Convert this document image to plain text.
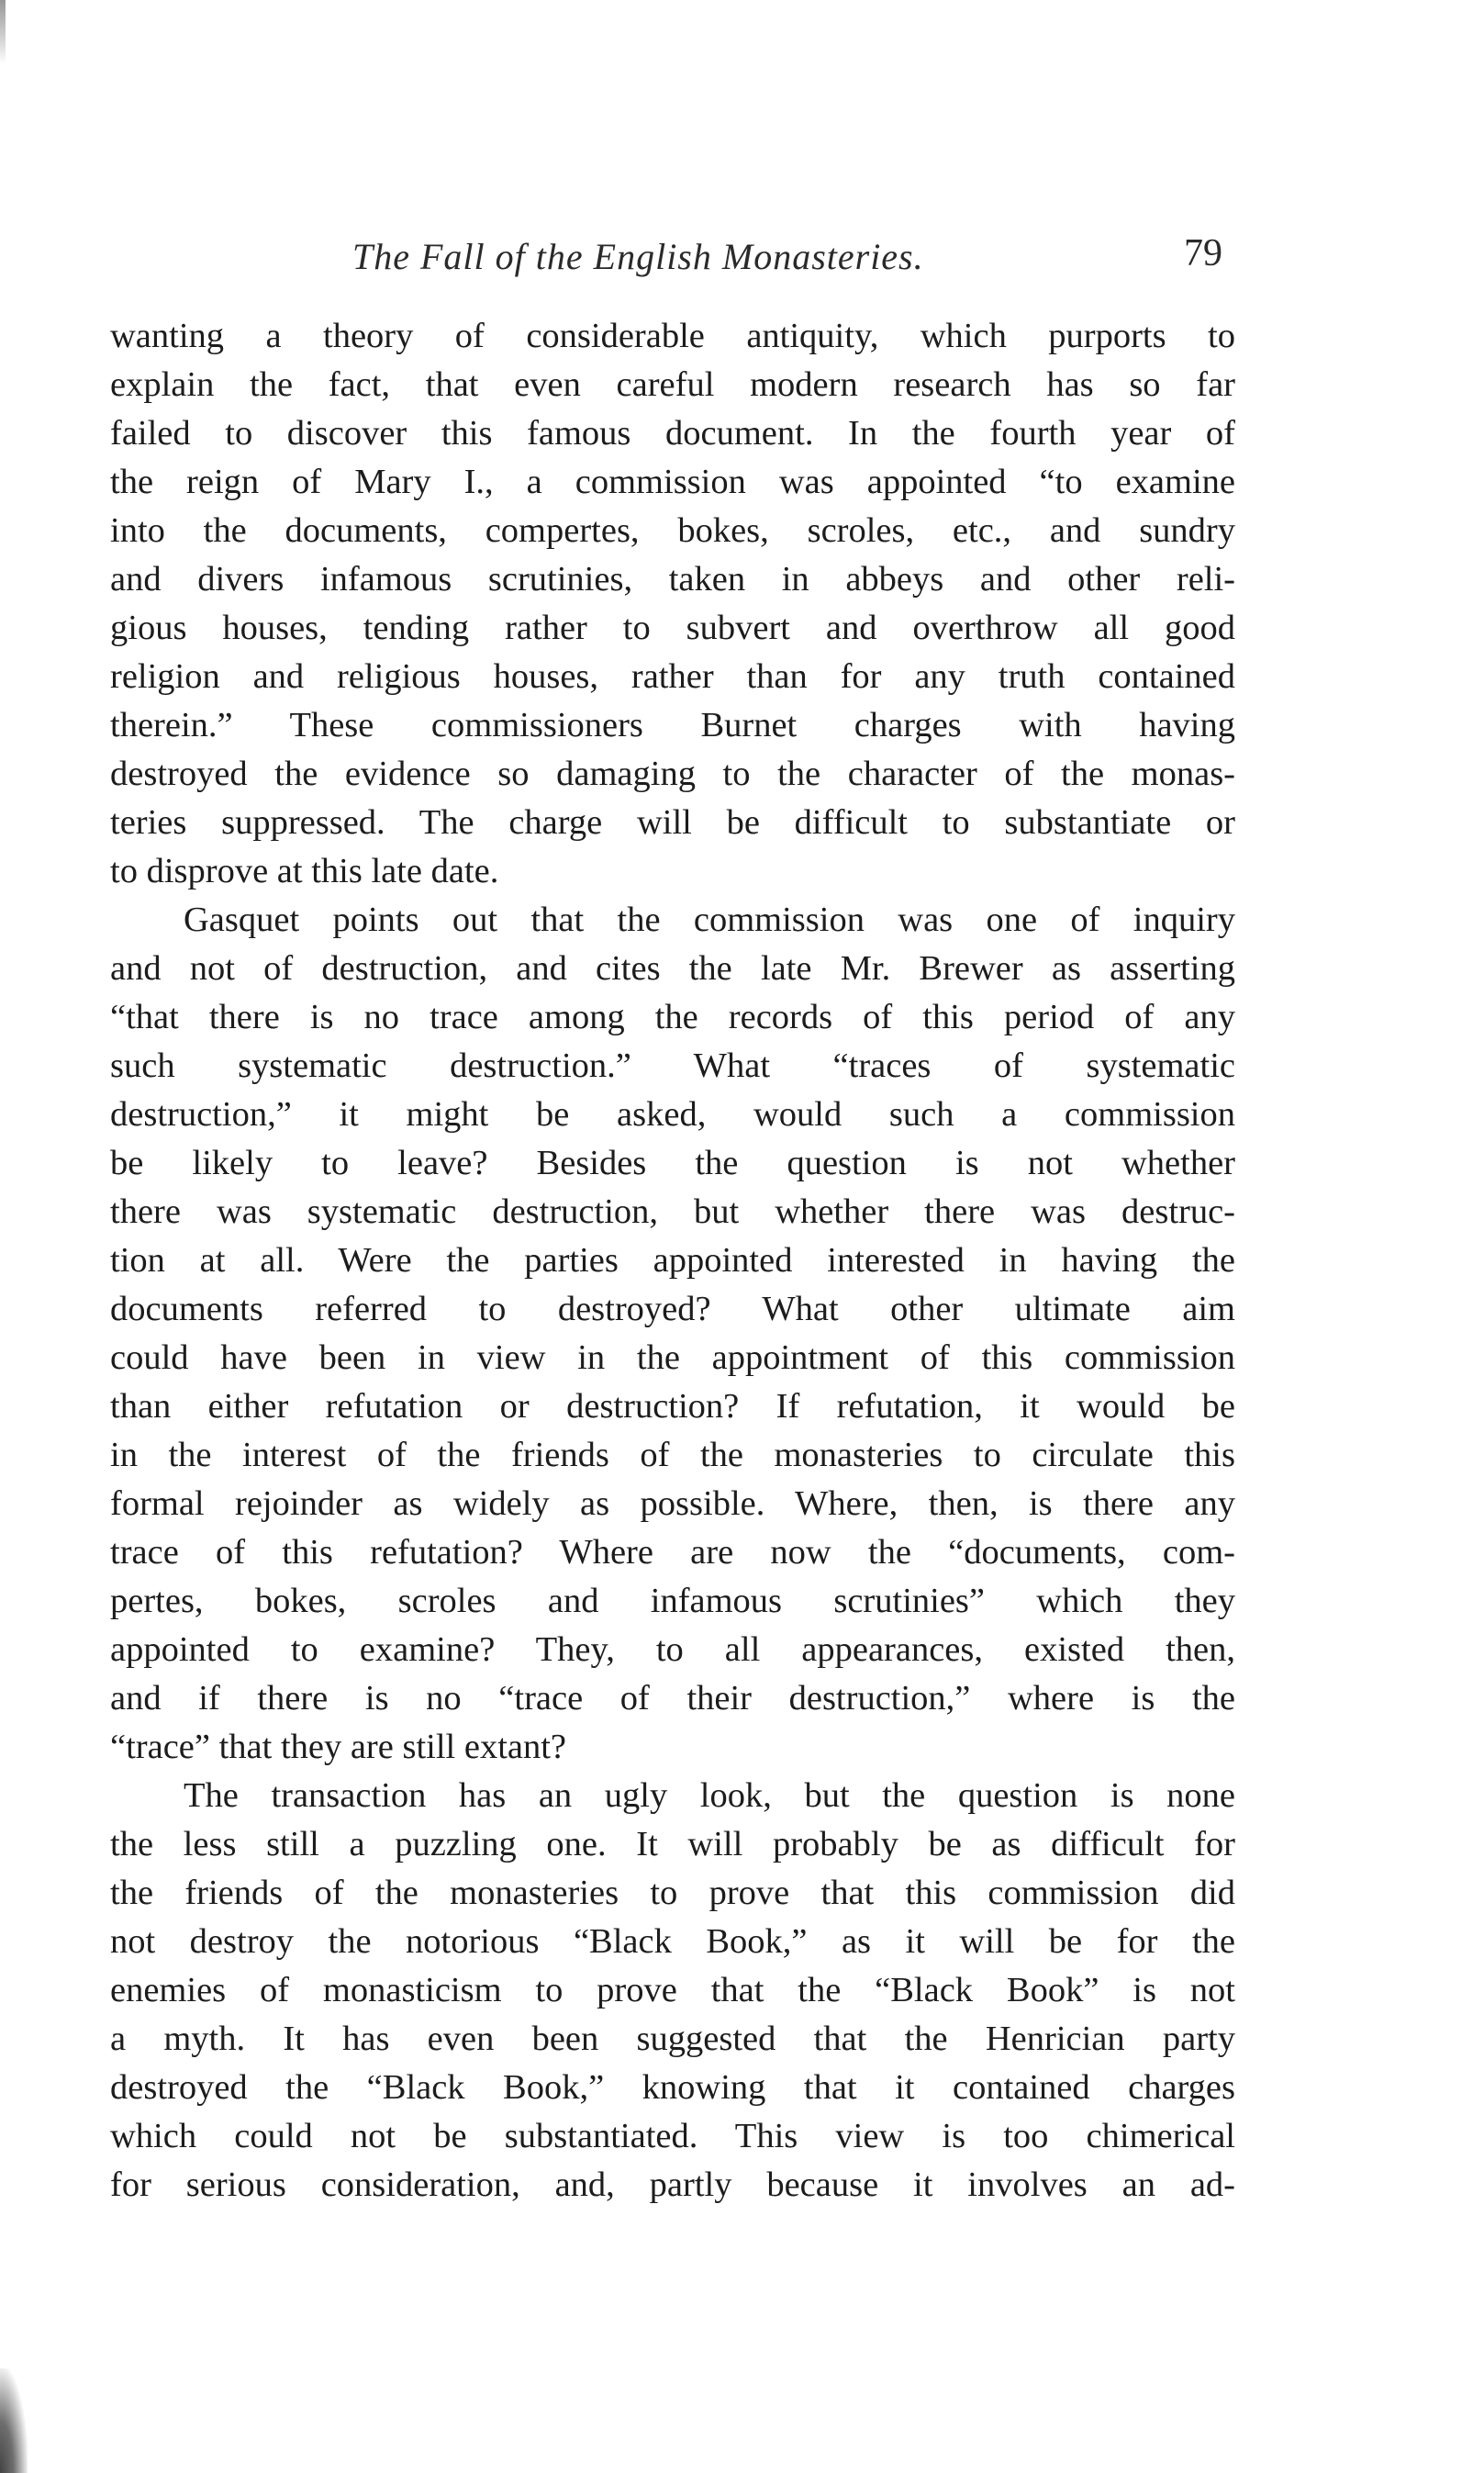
The Fall of the English Monasteries.	79
wanting a theory of considerable antiquity, which purports to
explain the fact, that even careful modern research has so far
failed to discover this famous document. In the fourth year of
the reign of Mary I., a commission was appointed “to examine
into the documents, compertes, bokes, scroles, etc., and sundry
and divers infamous scrutinies, taken in abbeys and other reli-
gious houses, tending rather to subvert and overthrow all good
religion and religious houses, rather than for any truth contained
therein.” These commissioners Burnet charges with having
destroyed the evidence so damaging to the character of the monas-
teries suppressed. The charge will be difficult to substantiate or
to disprove at this late date.
Gasquet points out that the commission was one of inquiry
and not of destruction, and cites the late Mr. Brewer as asserting
“that there is no trace among the records of this period of any
such systematic destruction.” What “traces of systematic
destruction,” it might be asked, would such a commission
be likely to leave? Besides the question is not whether
there was systematic destruction, but whether there was destruc-
tion at all. Were the parties appointed interested in having the
documents referred to destroyed? What other ultimate aim
could have been in view in the appointment of this commission
than either refutation or destruction? If refutation, it would be
in the interest of the friends of the monasteries to circulate this
formal rejoinder as widely as possible. Where, then, is there any
trace of this refutation? Where are now the “documents, com-
pertes, bokes, scroles and infamous scrutinies” which they
appointed to examine? They, to all appearances, existed then,
and if there is no “trace of their destruction,” where is the
“trace” that they are still extant?
The transaction has an ugly look, but the question is none
the less still a puzzling one. It will probably be as difficult for
the friends of the monasteries to prove that this commission did
not destroy the notorious “Black Book,” as it will be for the
enemies of monasticism to prove that the “Black Book” is not
a myth. It has even been suggested that the Henrician party
destroyed the “Black Book,” knowing that it contained charges
which could not be substantiated. This view is too chimerical
for serious consideration, and, partly because it involves an ad-
